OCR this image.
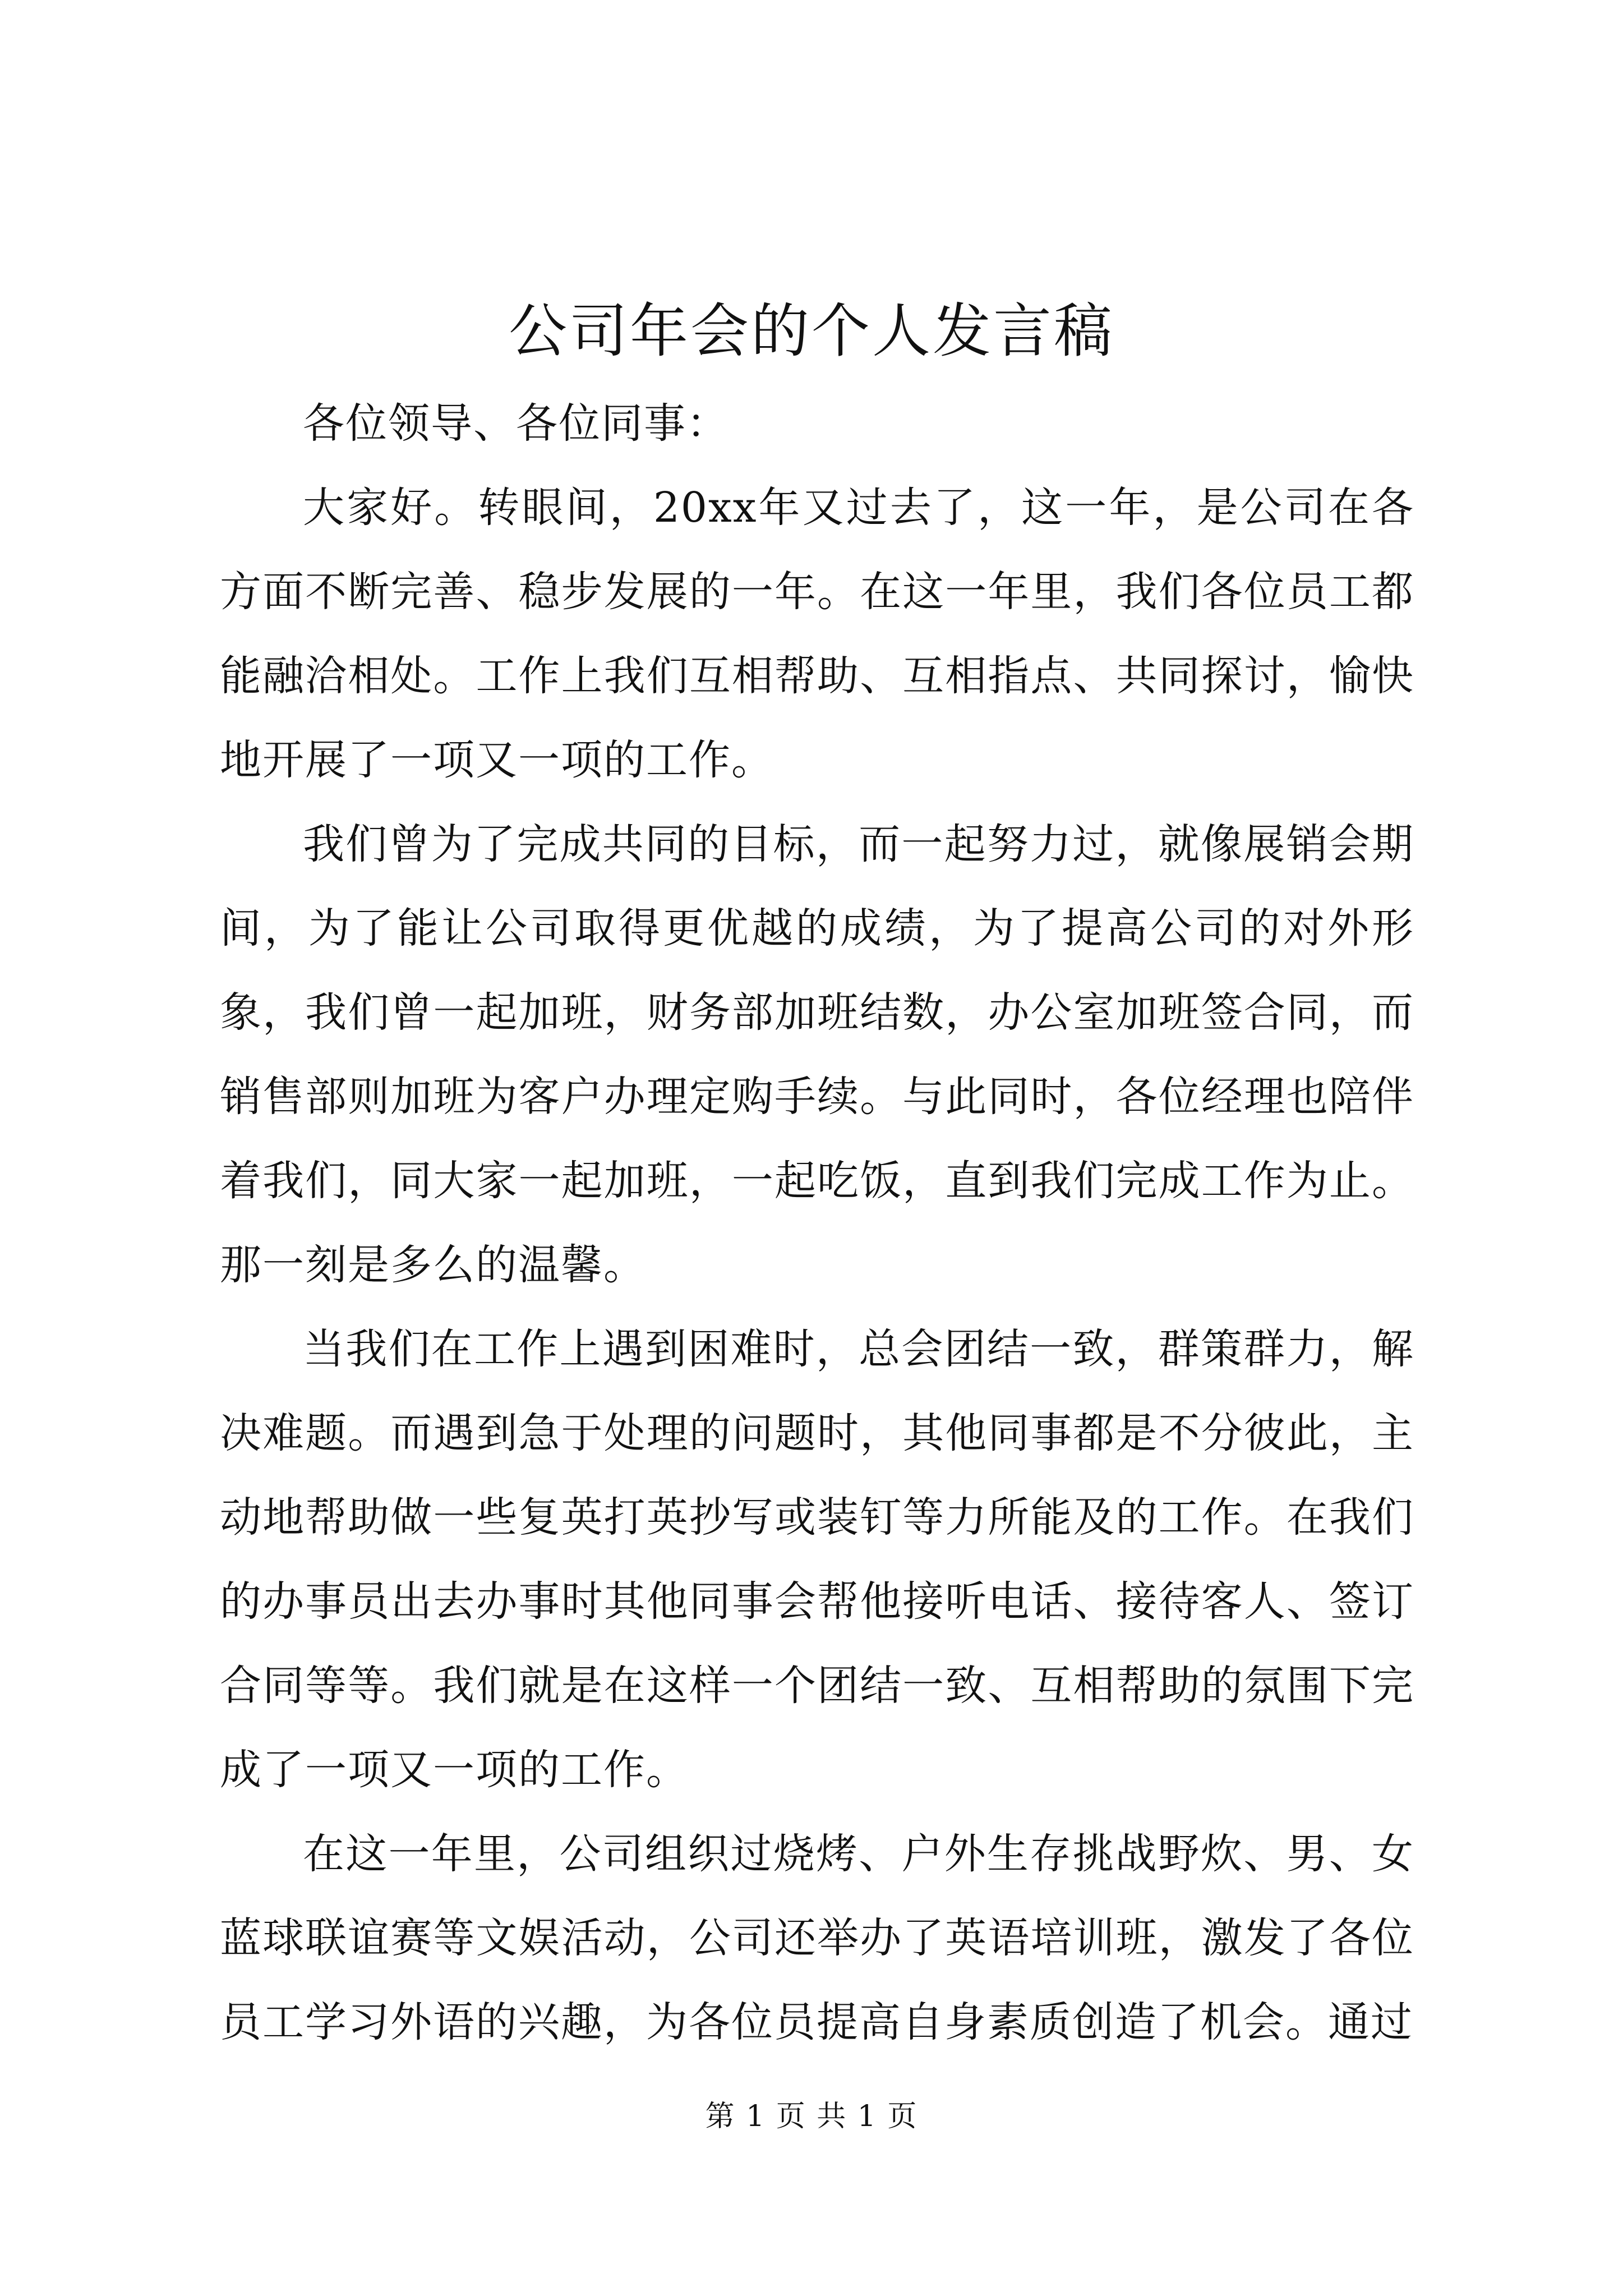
公司年会的个人发言稿

各位领导、各位同事：

大家好。转眼间，20xx年又过去了，这一年，是公司在各方面不断完善、稳步发展的一年。在这一年里，我们各位员工都能融洽相处。工作上我们互相帮助、互相指点、共同探讨，愉快地开展了一项又一项的工作。

我们曾为了完成共同的目标，而一起努力过，就像展销会期间，为了能让公司取得更优越的成绩，为了提高公司的对外形象，我们曾一起加班，财务部加班结数，办公室加班签合同，而销售部则加班为客户办理定购手续。与此同时，各位经理也陪伴着我们，同大家一起加班，一起吃饭，直到我们完成工作为止。那一刻是多么的温馨。

当我们在工作上遇到困难时，总会团结一致，群策群力，解决难题。而遇到急于处理的问题时，其他同事都是不分彼此，主动地帮助做一些复英打英抄写或装钉等力所能及的工作。在我们的办事员出去办事时其他同事会帮他接听电话、接待客人、签订合同等等。我们就是在这样一个团结一致、互相帮助的氛围下完成了一项又一项的工作。

在这一年里，公司组织过烧烤、户外生存挑战野炊、男、女蓝球联谊赛等文娱活动，公司还举办了英语培训班，激发了各位员工学习外语的兴趣，为各位员提高自身素质创造了机会。通过

第 1 页 共 1 页
